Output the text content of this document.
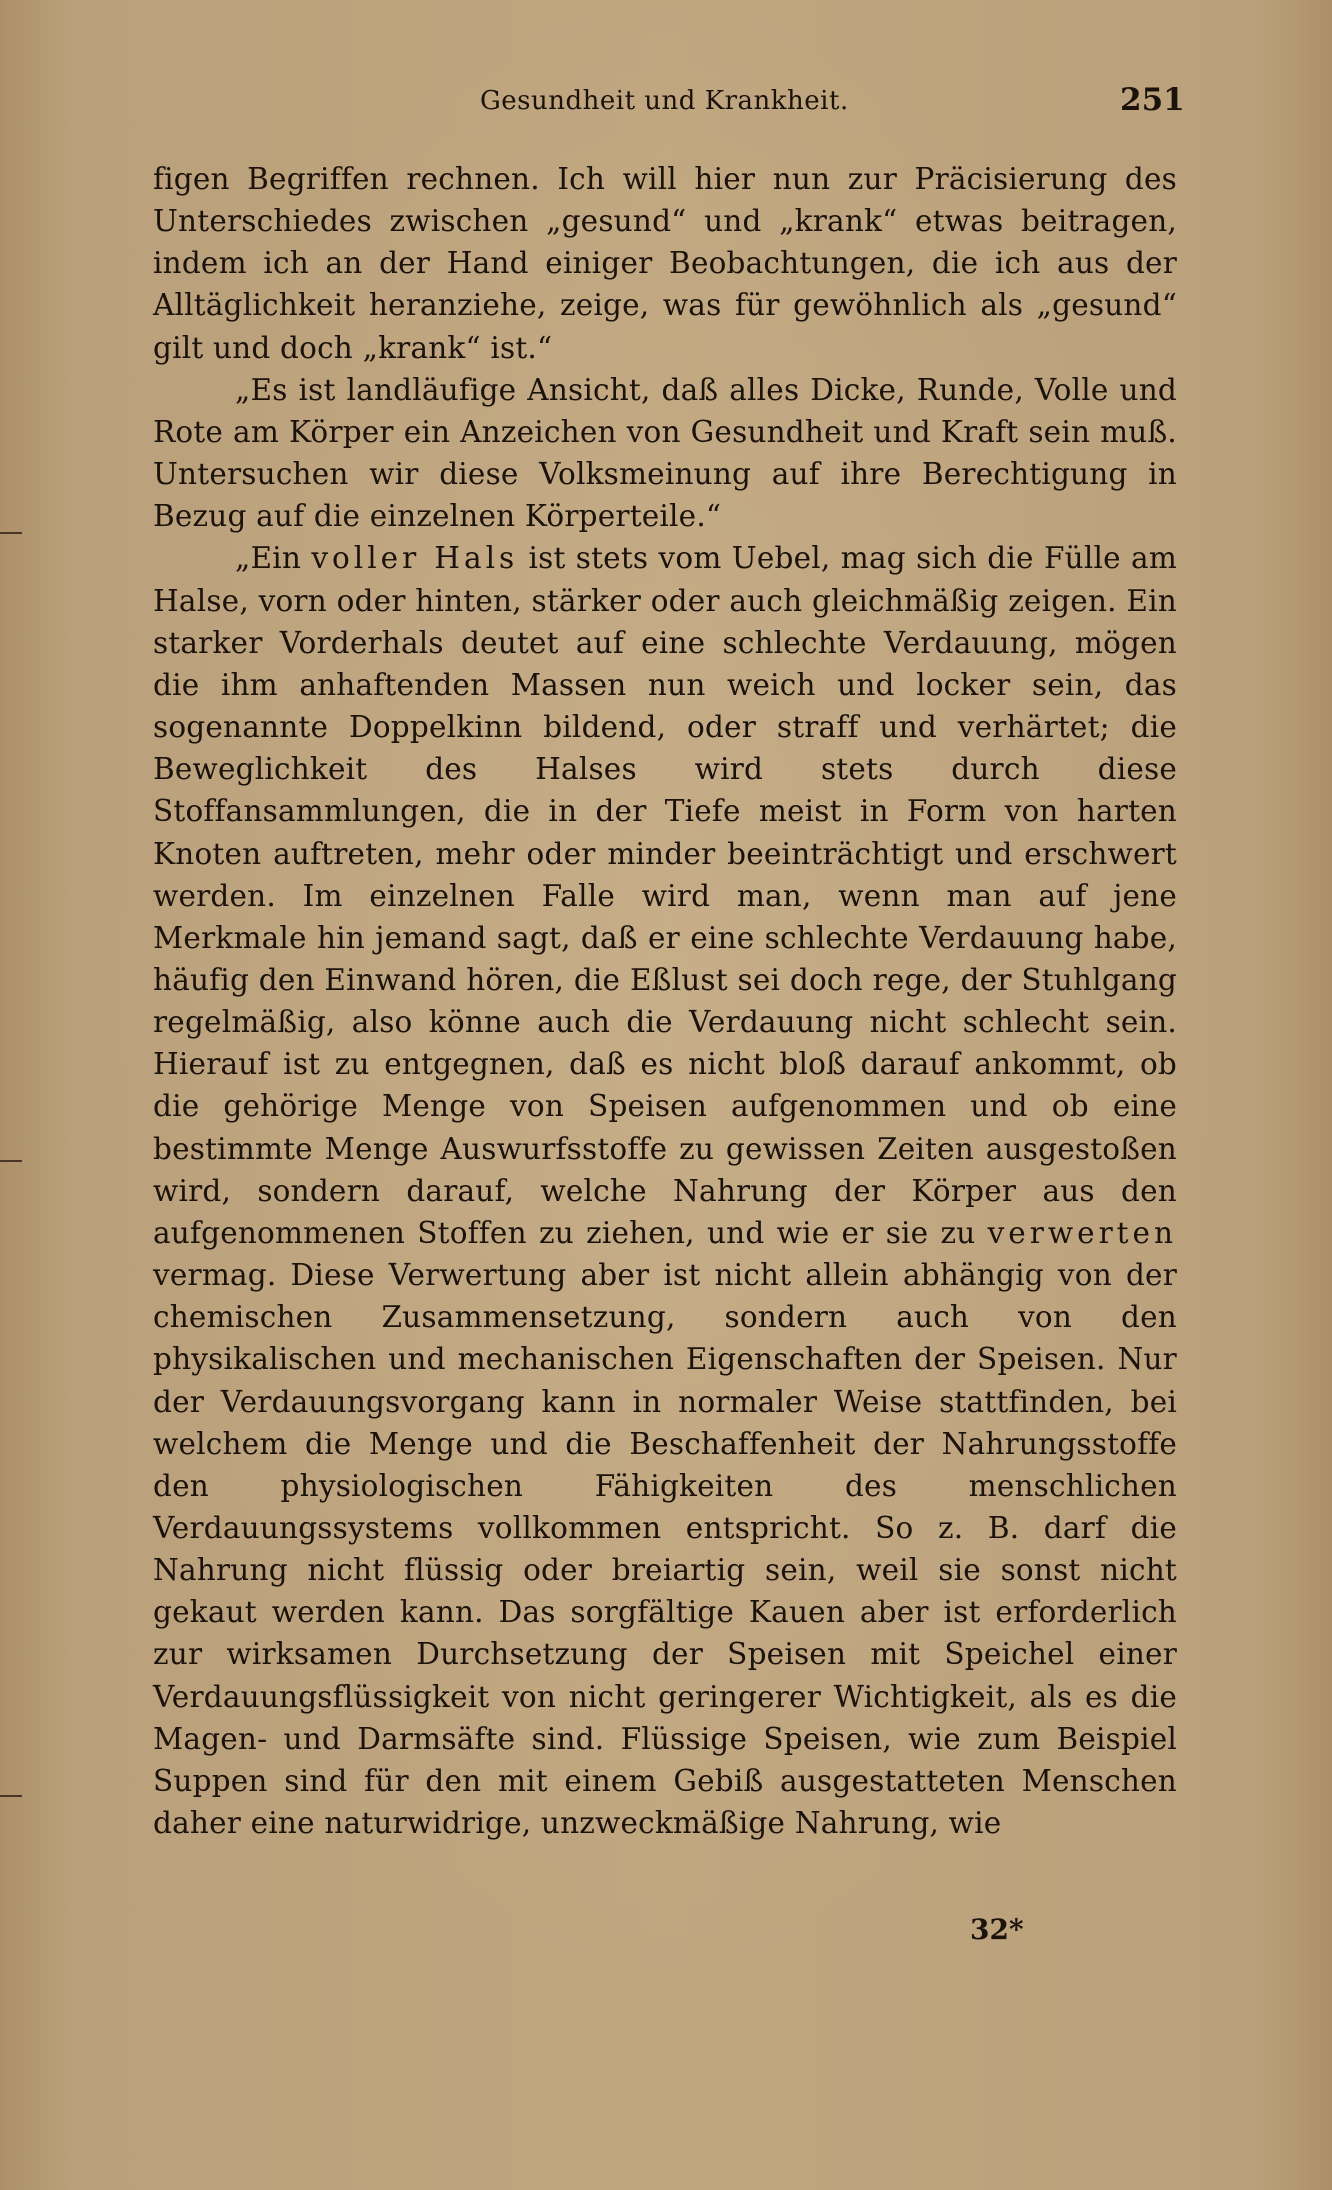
Gesundheit und Krankheit.	251

figen Begriffen rechnen. Ich will hier nun zur Präcisierung des Unterschiedes zwischen „gesund“ und „krank“ etwas beitragen, indem ich an der Hand einiger Beobachtungen, die ich aus der Alltäglichkeit heranziehe, zeige, was für gewöhnlich als „gesund“ gilt und doch „krank“ ist.“

„Es ist landläufige Ansicht, daß alles Dicke, Runde, Volle und Rote am Körper ein Anzeichen von Gesundheit und Kraft sein muß. Untersuchen wir diese Volksmeinung auf ihre Berechtigung in Bezug auf die einzelnen Körperteile.“

„Ein voller Hals ist stets vom Uebel, mag sich die Fülle am Halse, vorn oder hinten, stärker oder auch gleichmäßig zeigen. Ein starker Vorderhals deutet auf eine schlechte Verdauung, mögen die ihm anhaftenden Massen nun weich und locker sein, das sogenannte Doppelkinn bildend, oder straff und verhärtet; die Beweglichkeit des Halses wird stets durch diese Stoffansammlungen, die in der Tiefe meist in Form von harten Knoten auftreten, mehr oder minder beeinträchtigt und erschwert werden. Im einzelnen Falle wird man, wenn man auf jene Merkmale hin jemand sagt, daß er eine schlechte Verdauung habe, häufig den Einwand hören, die Eßlust sei doch rege, der Stuhlgang regelmäßig, also könne auch die Verdauung nicht schlecht sein. Hierauf ist zu entgegnen, daß es nicht bloß darauf ankommt, ob die gehörige Menge von Speisen aufgenommen und ob eine bestimmte Menge Auswurfsstoffe zu gewissen Zeiten ausgestoßen wird, sondern darauf, welche Nahrung der Körper aus den aufgenommenen Stoffen zu ziehen, und wie er sie zu verwerten vermag. Diese Verwertung aber ist nicht allein abhängig von der chemischen Zusammensetzung, sondern auch von den physikalischen und mechanischen Eigenschaften der Speisen. Nur der Verdauungsvorgang kann in normaler Weise stattfinden, bei welchem die Menge und die Beschaffenheit der Nahrungsstoffe den physiologischen Fähigkeiten des menschlichen Verdauungssystems vollkommen entspricht. So z. B. darf die Nahrung nicht flüssig oder breiartig sein, weil sie sonst nicht gekaut werden kann. Das sorgfältige Kauen aber ist erforderlich zur wirksamen Durchsetzung der Speisen mit Speichel einer Verdauungsflüssigkeit von nicht geringerer Wichtigkeit, als es die Magen- und Darmsäfte sind. Flüssige Speisen, wie zum Beispiel Suppen sind für den mit einem Gebiß ausgestatteten Menschen daher eine naturwidrige, unzweckmäßige Nahrung, wie

32*
